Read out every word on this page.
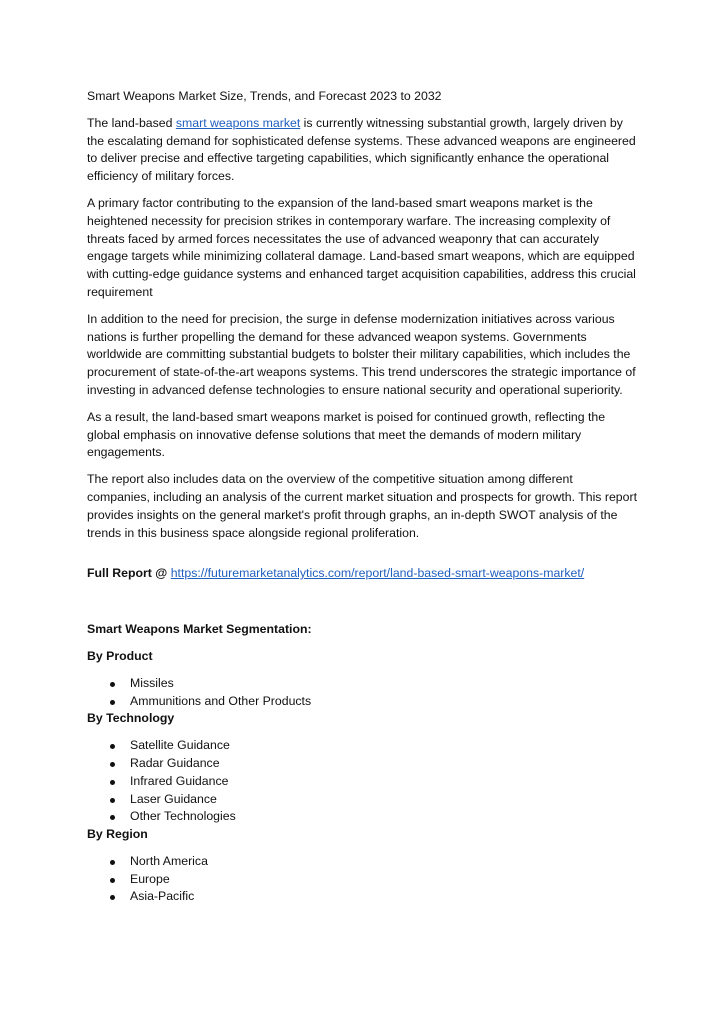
Smart Weapons Market Size, Trends, and Forecast 2023 to 2032

The land-based smart weapons market is currently witnessing substantial growth, largely driven by the escalating demand for sophisticated defense systems. These advanced weapons are engineered to deliver precise and effective targeting capabilities, which significantly enhance the operational efficiency of military forces.

A primary factor contributing to the expansion of the land-based smart weapons market is the heightened necessity for precision strikes in contemporary warfare. The increasing complexity of threats faced by armed forces necessitates the use of advanced weaponry that can accurately engage targets while minimizing collateral damage. Land-based smart weapons, which are equipped with cutting-edge guidance systems and enhanced target acquisition capabilities, address this crucial requirement

In addition to the need for precision, the surge in defense modernization initiatives across various nations is further propelling the demand for these advanced weapon systems. Governments worldwide are committing substantial budgets to bolster their military capabilities, which includes the procurement of state-of-the-art weapons systems. This trend underscores the strategic importance of investing in advanced defense technologies to ensure national security and operational superiority.

As a result, the land-based smart weapons market is poised for continued growth, reflecting the global emphasis on innovative defense solutions that meet the demands of modern military engagements.

The report also includes data on the overview of the competitive situation among different companies, including an analysis of the current market situation and prospects for growth. This report provides insights on the general market's profit through graphs, an in-depth SWOT analysis of the trends in this business space alongside regional proliferation.

Full Report @ https://futuremarketanalytics.com/report/land-based-smart-weapons-market/

Smart Weapons Market Segmentation:

By Product

Missiles
Ammunitions and Other Products

By Technology

Satellite Guidance
Radar Guidance
Infrared Guidance
Laser Guidance
Other Technologies

By Region

North America
Europe
Asia-Pacific
